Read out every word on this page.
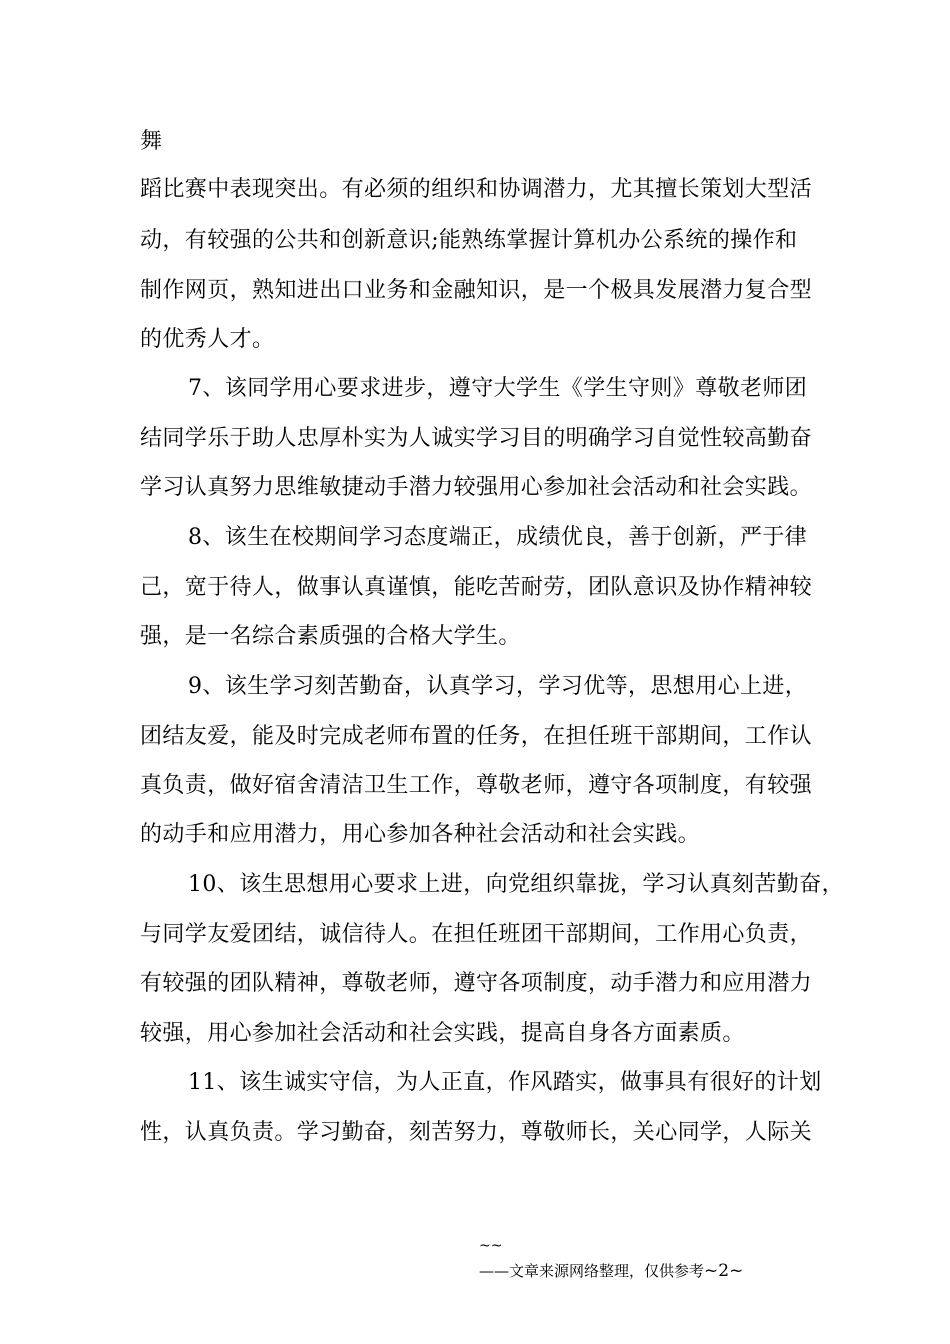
舞
蹈比赛中表现突出。有必须的组织和协调潜力，尤其擅长策划大型活
动，有较强的公共和创新意识;能熟练掌握计算机办公系统的操作和
制作网页，熟知进出口业务和金融知识，是一个极具发展潜力复合型
的优秀人才。
7、该同学用心要求进步，遵守大学生《学生守则》尊敬老师团
结同学乐于助人忠厚朴实为人诚实学习目的明确学习自觉性较高勤奋
学习认真努力思维敏捷动手潜力较强用心参加社会活动和社会实践。
8、该生在校期间学习态度端正，成绩优良，善于创新，严于律
己，宽于待人，做事认真谨慎，能吃苦耐劳，团队意识及协作精神较
强，是一名综合素质强的合格大学生。
9、该生学习刻苦勤奋，认真学习，学习优等，思想用心上进，
团结友爱，能及时完成老师布置的任务，在担任班干部期间，工作认
真负责，做好宿舍清洁卫生工作，尊敬老师，遵守各项制度，有较强
的动手和应用潜力，用心参加各种社会活动和社会实践。
10、该生思想用心要求上进，向党组织靠拢，学习认真刻苦勤奋，
与同学友爱团结，诚信待人。在担任班团干部期间，工作用心负责，
有较强的团队精神，尊敬老师，遵守各项制度，动手潜力和应用潜力
较强，用心参加社会活动和社会实践，提高自身各方面素质。
11、该生诚实守信，为人正直，作风踏实，做事具有很好的计划
性，认真负责。学习勤奋，刻苦努力，尊敬师长，关心同学，人际关
~~
——文章来源网络整理，仅供参考~2~
